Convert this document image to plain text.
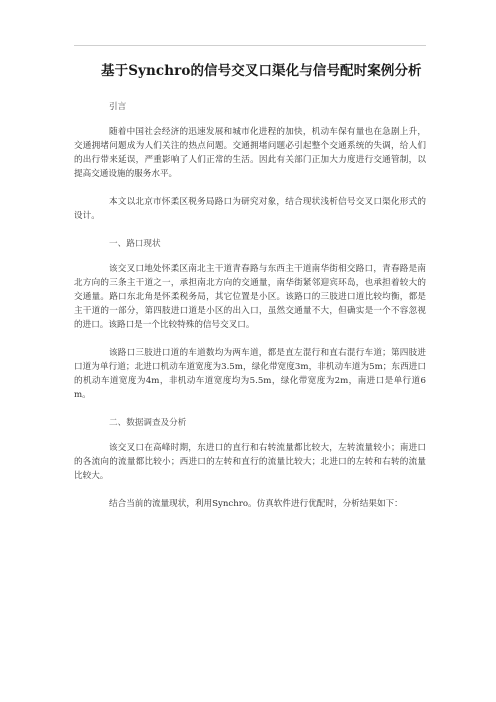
基于Synchro的信号交叉口渠化与信号配时案例分析

引言

随着中国社会经济的迅速发展和城市化进程的加快，机动车保有量也在急剧上升，交通拥堵问题成为人们关注的热点问题。交通拥堵问题必引起整个交通系统的失调，给人们的出行带来延误，严重影响了人们正常的生活。因此有关部门正加大力度进行交通管制，以提高交通设施的服务水平。

本文以北京市怀柔区税务局路口为研究对象，结合现状浅析信号交叉口渠化形式的设计。

一、路口现状

该交叉口地处怀柔区南北主干道青春路与东西主干道南华街相交路口，青春路是南北方向的三条主干道之一，承担南北方向的交通量，南华街紧邻迎宾环岛，也承担着较大的交通量。路口东北角是怀柔税务局，其它位置是小区。该路口的三肢进口道比较均衡，都是主干道的一部分，第四肢进口道是小区的出入口，虽然交通量不大，但确实是一个不容忽视的进口。该路口是一个比较特殊的信号交叉口。

该路口三肢进口道的车道数均为两车道，都是直左混行和直右混行车道；第四肢进口道为单行道；北进口机动车道宽度为3.5m，绿化带宽度3m，非机动车道为5m；东西进口的机动车道宽度为4m，非机动车道宽度均为5.5m，绿化带宽度为2m，南进口是单行道6m。

二、数据调查及分析

该交叉口在高峰时期，东进口的直行和右转流量都比较大，左转流量较小；南进口的各流向的流量都比较小；西进口的左转和直行的流量比较大；北进口的左转和右转的流量比较大。

结合当前的流量现状，利用Synchro。仿真软件进行优配时，分析结果如下：
